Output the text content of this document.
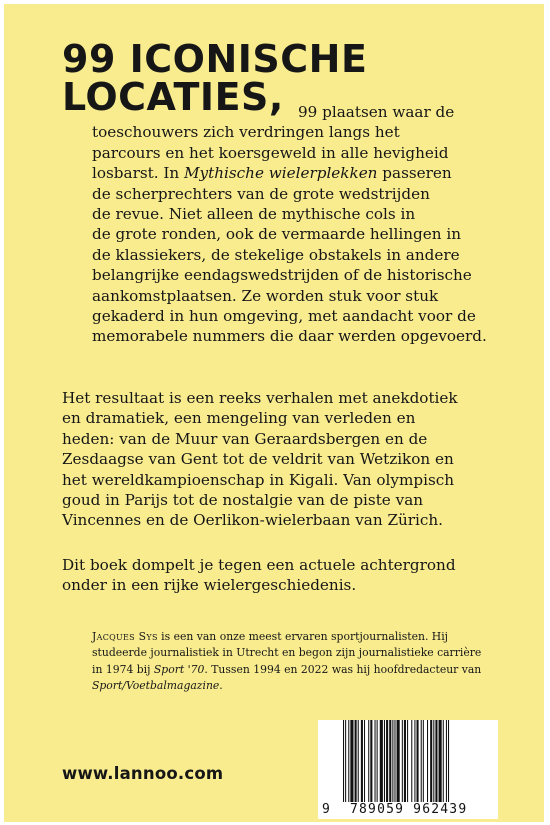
99 ICONISCHE
LOCATIES, 99 plaatsen waar de
toeschouwers zich verdringen langs het
parcours en het koersgeweld in alle hevigheid
losbarst. In Mythische wielerplekken passeren
de scherprechters van de grote wedstrijden
de revue. Niet alleen de mythische cols in
de grote ronden, ook de vermaarde hellingen in
de klassiekers, de stekelige obstakels in andere
belangrijke eendagswedstrijden of de historische
aankomstplaatsen. Ze worden stuk voor stuk
gekaderd in hun omgeving, met aandacht voor de
memorabele nummers die daar werden opgevoerd.
Het resultaat is een reeks verhalen met anekdotiek
en dramatiek, een mengeling van verleden en
heden: van de Muur van Geraardsbergen en de
Zesdaagse van Gent tot de veldrit van Wetzikon en
het wereldkampioenschap in Kigali. Van olympisch
goud in Parijs tot de nostalgie van de piste van
Vincennes en de Oerlikon-wielerbaan van Zürich.
Dit boek dompelt je tegen een actuele achtergrond
onder in een rijke wielergeschiedenis.
Jacques Sys is een van onze meest ervaren sportjournalisten. Hij
studeerde journalistiek in Utrecht en begon zijn journalistieke carrière
in 1974 bij Sport '70. Tussen 1994 en 2022 was hij hoofdredacteur van
Sport/Voetbalmagazine.
www.lannoo.com
9 789059 962439
